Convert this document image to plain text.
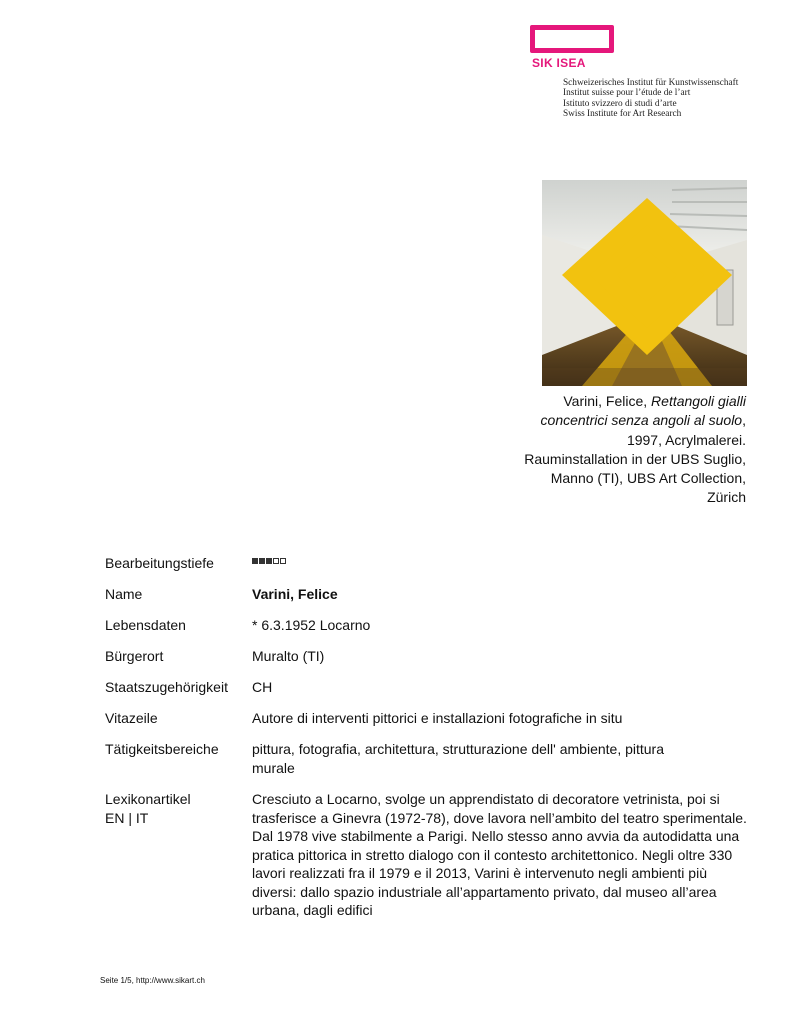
SIK ISEA
Schweizerisches Institut für Kunstwissenschaft
Institut suisse pour l’étude de l’art
Istituto svizzero di studi d’arte
Swiss Institute for Art Research
Varini, Felice, Rettangoli gialli
concentrici senza angoli al suolo,
1997, Acrylmalerei.
Rauminstallation in der UBS Suglio,
Manno (TI), UBS Art Collection,
Zürich
Bearbeitungstiefe
Name	Varini, Felice
Lebensdaten	* 6.3.1952 Locarno
Bürgerort	Muralto (TI)
Staatszugehörigkeit CH
Vitazeile	Autore di interventi pittorici e installazioni fotografiche in situ
Tätigkeitsbereiche pittura, fotografia, architettura, strutturazione dell' ambiente, pittura murale
Lexikonartikel
EN | IT
Cresciuto a Locarno, svolge un apprendistato di decoratore vetrinista, poi si trasferisce a Ginevra (1972-78), dove lavora nell’ambito del teatro sperimentale. Dal 1978 vive stabilmente a Parigi. Nello stesso anno avvia da autodidatta una pratica pittorica in stretto dialogo con il contesto architettonico. Negli oltre 330 lavori realizzati fra il 1979 e il 2013, Varini è intervenuto negli ambienti più diversi: dallo spazio industriale all’appartamento privato, dal museo all’area urbana, dagli edifici
Seite 1/5, http://www.sikart.ch
